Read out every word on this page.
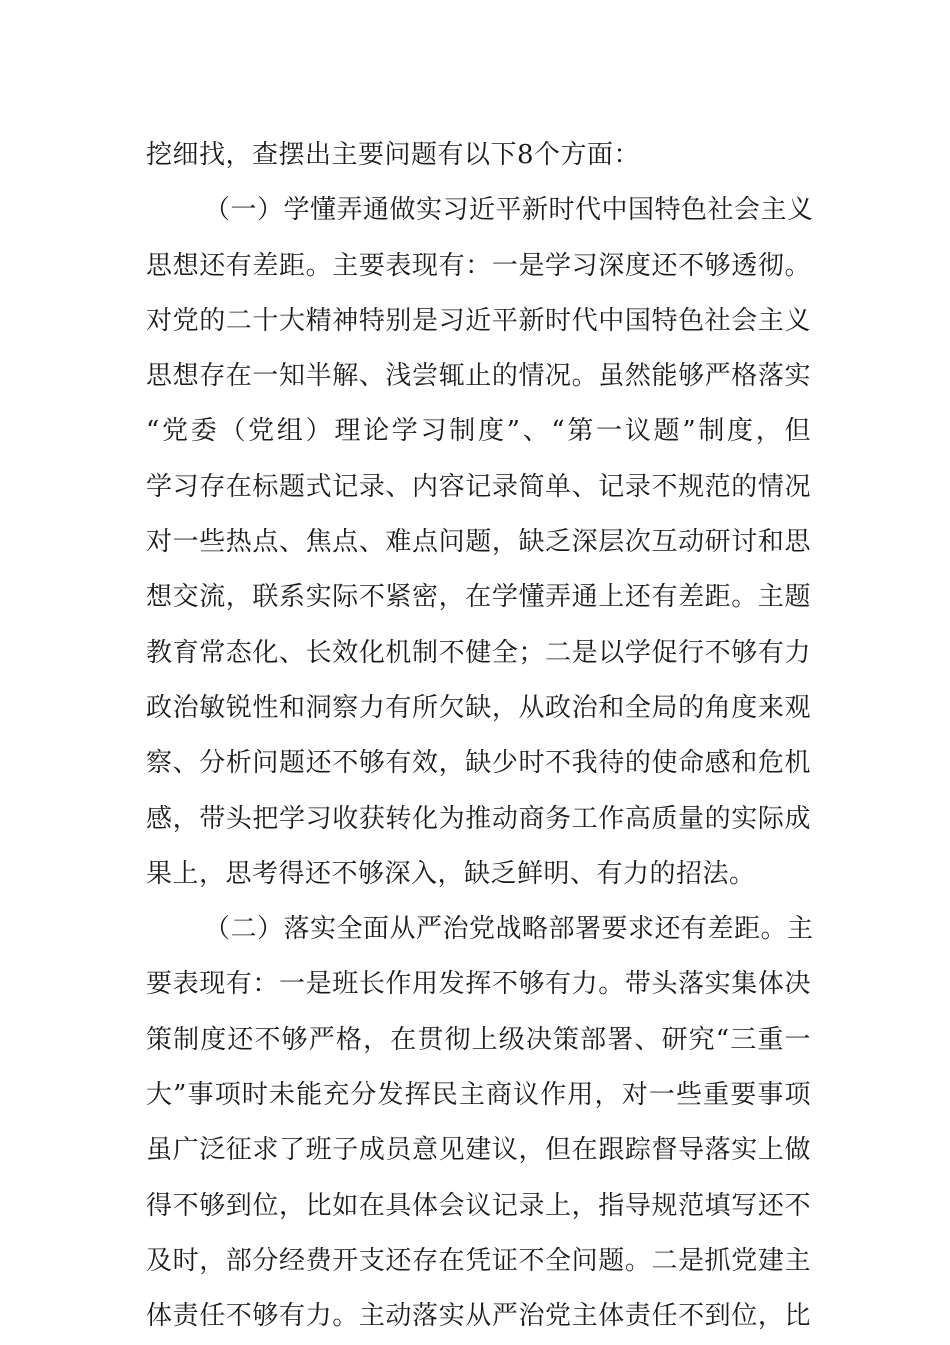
挖细找，查摆出主要问题有以下8个方面：
（一）学懂弄通做实习近平新时代中国特色社会主义
思想还有差距。主要表现有：一是学习深度还不够透彻。
对党的二十大精神特别是习近平新时代中国特色社会主义
思想存在一知半解、浅尝辄止的情况。虽然能够严格落实
“党委（党组）理论学习制度”、“第一议题”制度，但
学习存在标题式记录、内容记录简单、记录不规范的情况
对一些热点、焦点、难点问题，缺乏深层次互动研讨和思
想交流，联系实际不紧密，在学懂弄通上还有差距。主题
教育常态化、长效化机制不健全；二是以学促行不够有力
政治敏锐性和洞察力有所欠缺，从政治和全局的角度来观
察、分析问题还不够有效，缺少时不我待的使命感和危机
感，带头把学习收获转化为推动商务工作高质量的实际成
果上，思考得还不够深入，缺乏鲜明、有力的招法。
（二）落实全面从严治党战略部署要求还有差距。主
要表现有：一是班长作用发挥不够有力。带头落实集体决
策制度还不够严格，在贯彻上级决策部署、研究“三重一
大”事项时未能充分发挥民主商议作用，对一些重要事项
虽广泛征求了班子成员意见建议，但在跟踪督导落实上做
得不够到位，比如在具体会议记录上，指导规范填写还不
及时，部分经费开支还存在凭证不全问题。二是抓党建主
体责任不够有力。主动落实从严治党主体责任不到位，比
